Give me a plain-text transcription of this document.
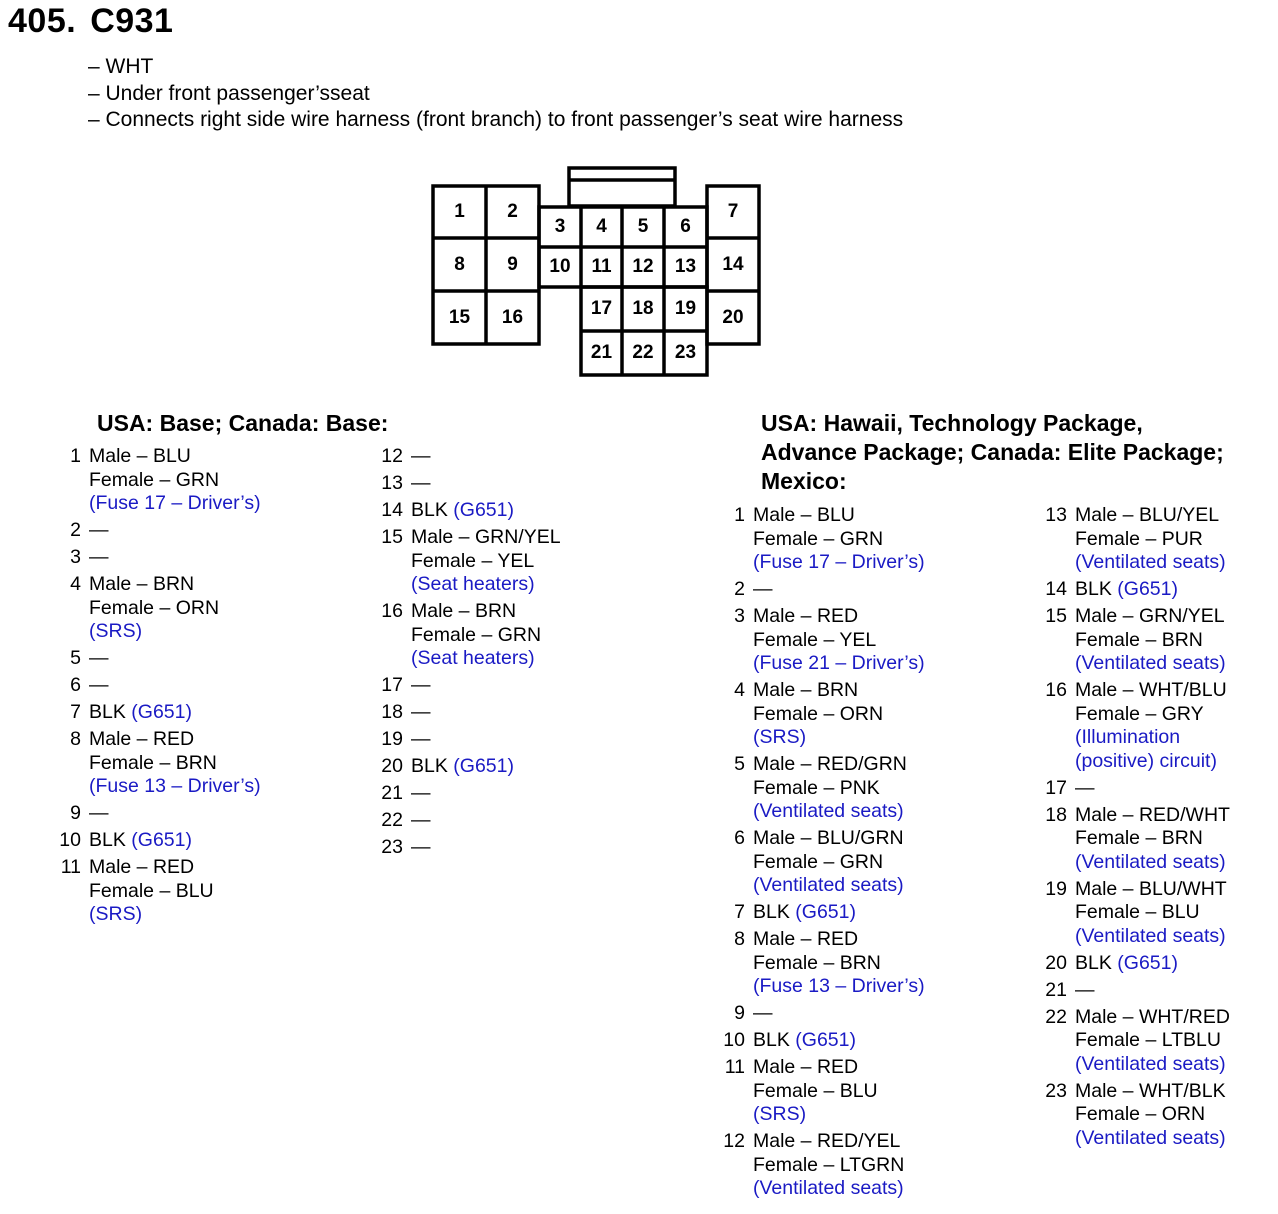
405. C931
– WHT
– Under front passenger’sseat
– Connects right side wire harness (front branch) to front passenger’s seat wire harness
1	2
3	4	5	6
7
8	9	10	11	12	13	14
15	16	17	18	19	20
21	22	23
USA: Base; Canada: Base:	USA: Hawaii, Technology Package,
Advance Package; Canada: Elite Package;
Mexico:
1 Male – BLU
Female – GRN
(Fuse 17 – Driver’s)
2 —
3 —
4 Male – BRN
Female – ORN
(SRS)
5 —
6 —
7 BLK (G651)
8 Male – RED
Female – BRN
(Fuse 13 – Driver’s)
9 —
10 BLK (G651)
11 Male – RED
Female – BLU
(SRS)
12 —
13 —
14 BLK (G651)
15 Male – GRN/YEL
Female – YEL
(Seat heaters)
16 Male – BRN
Female – GRN
(Seat heaters)
17 —
18 —
19 —
20 BLK (G651)
21 —
22 —
23 —
1 Male – BLU
Female – GRN
(Fuse 17 – Driver’s)
2 —
3 Male – RED
Female – YEL
(Fuse 21 – Driver’s)
4 Male – BRN
Female – ORN
(SRS)
5 Male – RED/GRN
Female – PNK
(Ventilated seats)
6 Male – BLU/GRN
Female – GRN
(Ventilated seats)
7 BLK (G651)
8 Male – RED
Female – BRN
(Fuse 13 – Driver’s)
9 —
10 BLK (G651)
11 Male – RED
Female – BLU
(SRS)
12 Male – RED/YEL
Female – LTGRN
(Ventilated seats)
13 Male – BLU/YEL
Female – PUR
(Ventilated seats)
14 BLK (G651)
15 Male – GRN/YEL
Female – BRN
(Ventilated seats)
16 Male – WHT/BLU
Female – GRY
(Illumination
(positive) circuit)
17 —
18 Male – RED/WHT
Female – BRN
(Ventilated seats)
19 Male – BLU/WHT
Female – BLU
(Ventilated seats)
20 BLK (G651)
21 —
22 Male – WHT/RED
Female – LTBLU
(Ventilated seats)
23 Male – WHT/BLK
Female – ORN
(Ventilated seats)
